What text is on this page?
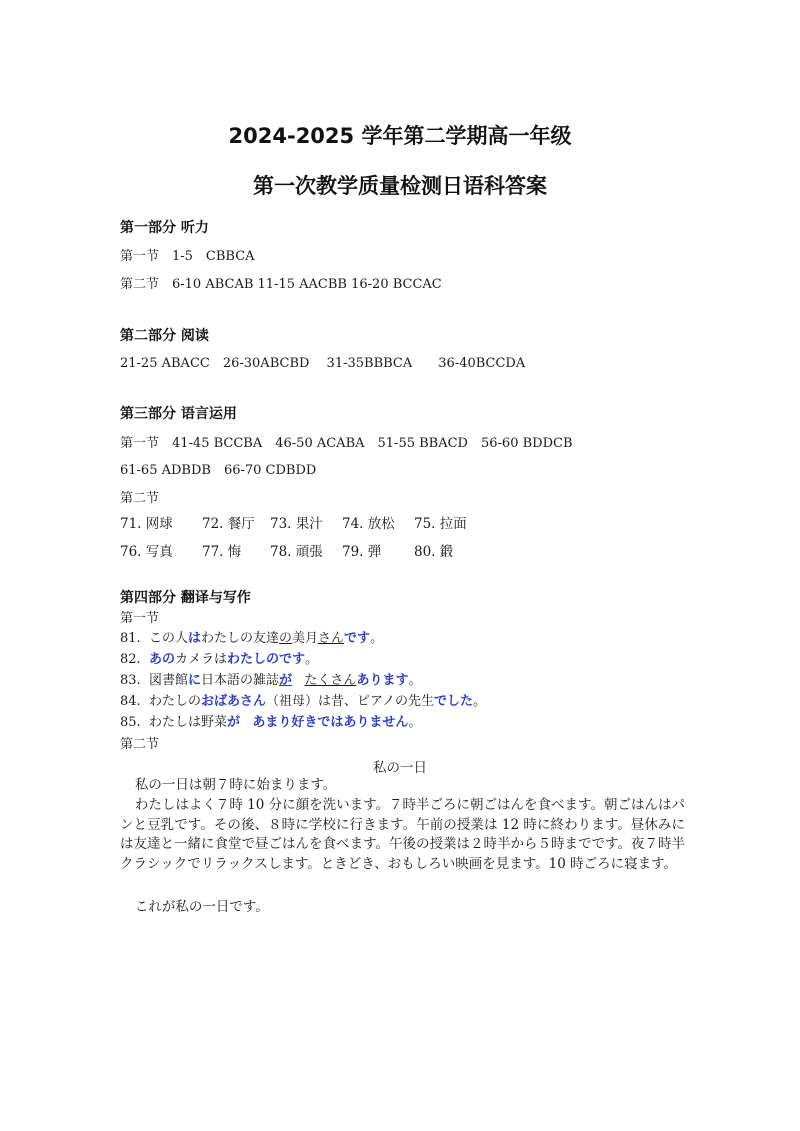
2024-2025 学年第二学期高一年级
第一次教学质量检测日语科答案
第一部分 听力
第一节　1-5　CBBCA
第二节　6-10 ABCAB 11-15 AACBB 16-20 BCCAC
第二部分 阅读
21-25 ABACC　26-30ABCBD　 31-35BBBCA　　36-40BCCDA
第三部分 语言运用
第一节　41-45 BCCBA　46-50 ACABA　51-55 BBACD　56-60 BDDCB
61-65 ADBDB　66-70 CDBDD
第二节
71. 网球 72. 餐厅 73. 果汁 74. 放松 75. 拉面
76. 写真 77. 悔 78. 頑張 79. 弾 80. 鍛
第四部分 翻译与写作
第一节
81. この人はわたしの友達の美月さんです。
82. あのカメラはわたしのです。
83. 図書館に日本語の雑誌が たくさんあります。
84. わたしのおばあさん（祖母）は昔、ピアノの先生でした。
85. わたしは野菜が あまり好きではありません。
第二节
私の一日
私の一日は朝７時に始まります。
わたしはよく７時 10 分に顔を洗います。７時半ごろに朝ごはんを食べます。朝ごはんはパンと豆乳です。その後、８時に学校に行きます。午前の授業は 12 時に終わります。昼休みには友達と一緒に食堂で昼ごはんを食べます。午後の授業は２時半から５時までです。夜７時半クラシックでリラックスします。ときどき、おもしろい映画を見ます。10 時ごろに寝ます。
これが私の一日です。
